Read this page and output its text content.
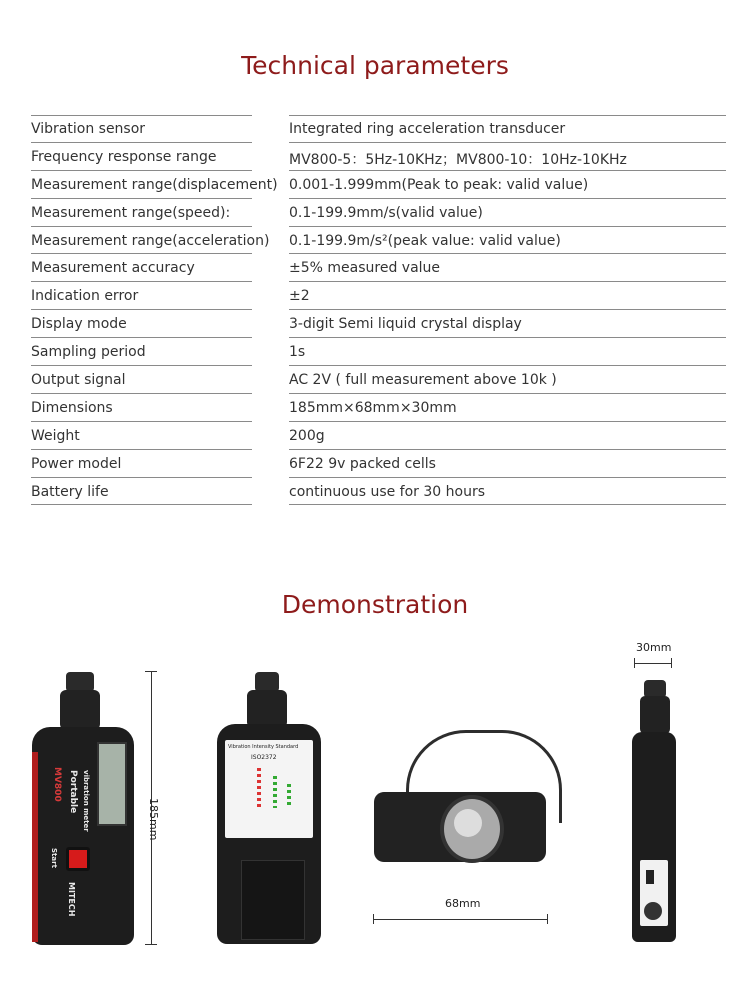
Technical parameters
Vibration sensor	Integrated ring acceleration transducer
Frequency response range	MV800-5：5Hz-10KHz；MV800-10：10Hz-10KHz
Measurement range(displacement) 0.001-1.999mm(Peak to peak: valid value)
Measurement range(speed):	0.1-199.9mm/s(valid value)
Measurement range(acceleration) 0.1-199.9m/s²(peak value: valid value)
Measurement accuracy	±5% measured value
Indication error	±2
Display mode	3-digit Semi liquid crystal display
Sampling period	1s
Output signal	AC 2V ( full measurement above 10k )
Dimensions	185mm×68mm×30mm
Weight	200g
Power model	6F22 9v packed cells
Battery life	continuous use for 30 hours
Demonstration
MV800 Portable vibration meter
Start
MITECH
185mm
Vibration Intensity Standard
ISO2372
68mm
30mm
